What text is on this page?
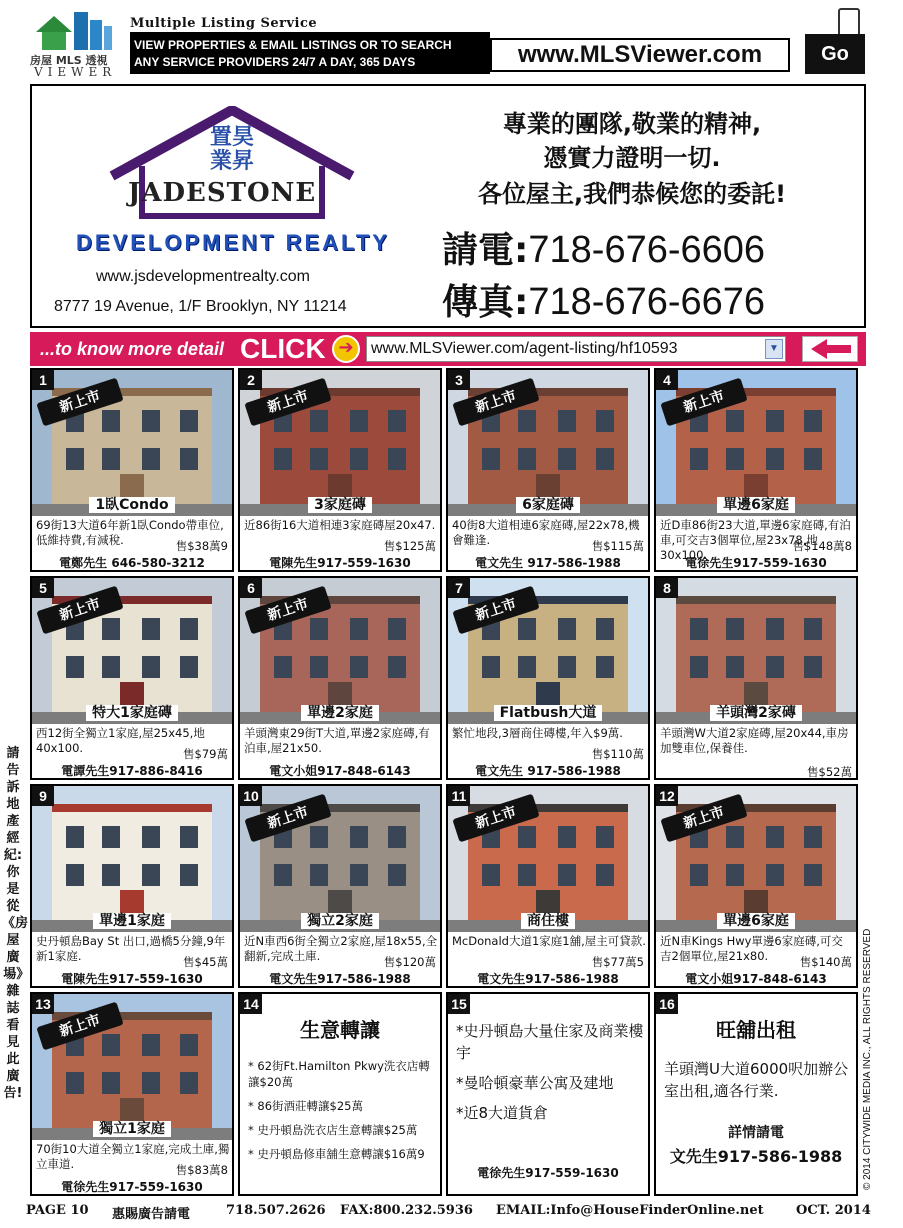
房屋 MLS 透視
VIEWER
Multiple Listing Service
VIEW PROPERTIES & EMAIL LISTINGS OR TO SEARCH
ANY SERVICE PROVIDERS 24/7 A DAY, 365 DAYS	www.MLSViewer.com	Go
置昊
業昇
JADESTONE
DEVELOPMENT REALTY
www.jsdevelopmentrealty.com
8777 19 Avenue, 1/F Brooklyn, NY 11214
專業的團隊,敬業的精神,
憑實力證明一切.
各位屋主,我們恭候您的委託!
請電:718-676-6606
傳真:718-676-6676
...to know more detail CLICK ➔	www.MLSViewer.com/agent-listing/hf10593	▼
1
新上市
1臥Condo
69街13大道6年新1臥Condo帶車位,低維持費,有減稅.	售$38萬9
電鄭先生 646-580-3212
2
新上市
3家庭磚
近86街16大道相連3家庭磚屋20x47.
售$125萬
電陳先生917-559-1630
3
新上市
6家庭磚
40街8大道相連6家庭磚,屋22x78,機會難逢.	售$115萬
電文先生 917-586-1988
4
新上市
單邊6家庭
近D車86街23大道,單邊6家庭磚,有泊車,可交吉3個單位,屋23x78,地30x100.
售$148萬8
電徐先生917-559-1630
5
新上市
特大1家庭磚
西12街全獨立1家庭,屋25x45,地40x100.	售$79萬
電譚先生917-886-8416
6
新上市
單邊2家庭
羊頭灣東29街T大道,單邊2家庭磚,有泊車,屋21x50.
電文小姐917-848-6143
7
新上市
Flatbush大道
繁忙地段,3層商住磚樓,年入$9萬.
售$110萬
電文先生 917-586-1988
8
羊頭灣2家磚
羊頭灣W大道2家庭磚,屋20x44,車房加雙車位,保養佳.
售$52萬
9
單邊1家庭
史丹頓島Bay St 出口,過橋5分鐘,9年新1家庭.	售$45萬
電陳先生917-559-1630
10
新上市
獨立2家庭
近N車西6街全獨立2家庭,屋18x55,全翻新,完成土庫.	售$120萬
電文先生917-586-1988
11
新上市
商住樓
McDonald大道1家庭1舖,屋主可貸款.
售$77萬5
電文先生917-586-1988
12
新上市
單邊6家庭
近N車Kings Hwy單邊6家庭磚,可交吉2個單位,屋21x80.	售$140萬
電文小姐917-848-6143
13
新上市
獨立1家庭
70街10大道全獨立1家庭,完成土庫,獨立車道.	售$83萬8
電徐先生917-559-1630
14
生意轉讓
* 62街Ft.Hamilton Pkwy洗衣店轉讓$20萬
* 86街酒莊轉讓$25萬
* 史丹頓島洗衣店生意轉讓$25萬
* 史丹頓島修車舖生意轉讓$16萬9
15
*史丹頓島大量住家及商業樓宇
*曼哈頓豪華公寓及建地
*近8大道貨倉
電徐先生917-559-1630
16
旺舖出租
羊頭灣U大道6000呎加辦公室出租,適各行業.
詳情請電
文先生917-586-1988
請告訴地產經紀:你是從《房屋廣場》雜誌看見此廣告!	© 2014 CITYWIDE MEDIA INC., ALL RIGHTS RESERVED
PAGE 10 惠賜廣告請電	718.507.2626 FAX:800.232.5936 EMAIL:Info@HouseFinderOnline.net OCT. 2014
